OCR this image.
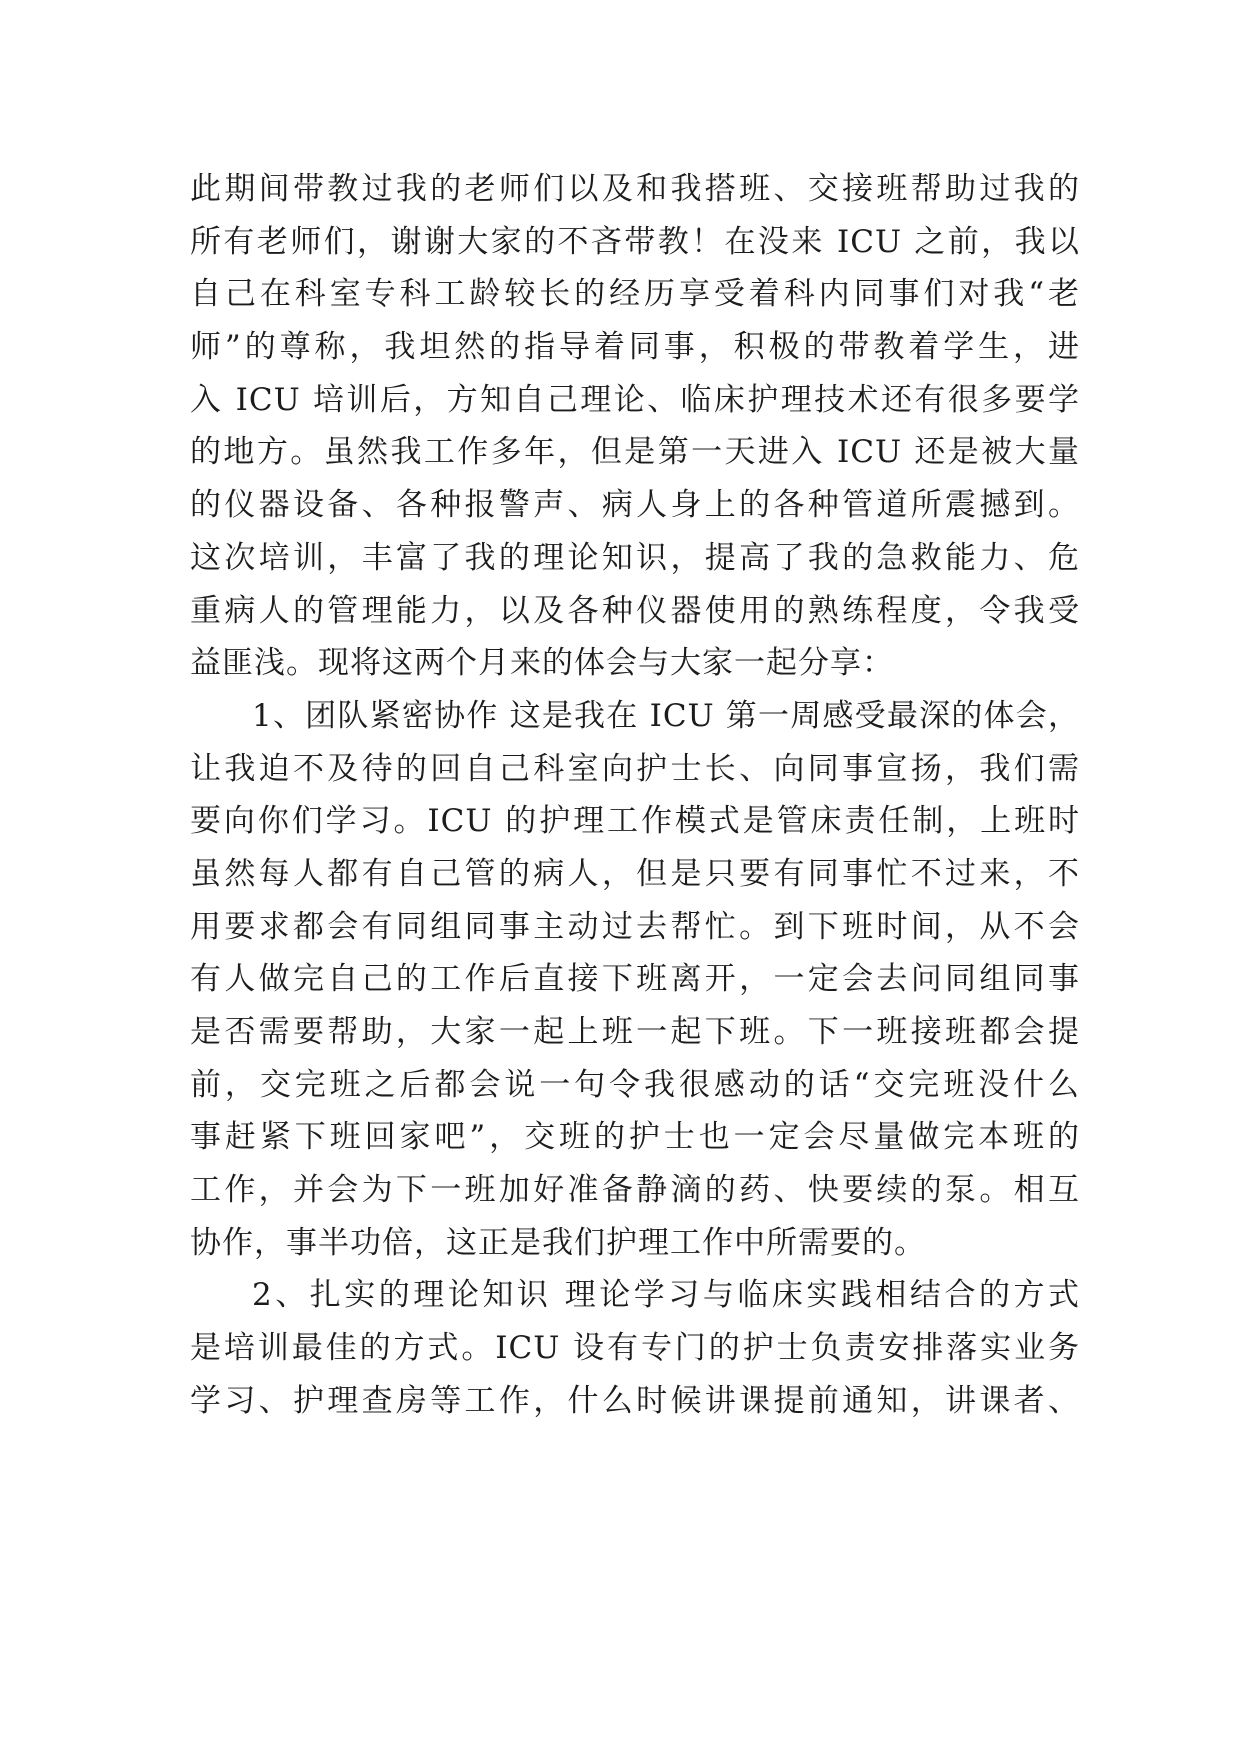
此期间带教过我的老师们以及和我搭班、交接班帮助过我的
所有老师们，谢谢大家的不吝带教！在没来 ICU 之前，我以
自己在科室专科工龄较长的经历享受着科内同事们对我“老
师”的尊称，我坦然的指导着同事，积极的带教着学生，进
入 ICU 培训后，方知自己理论、临床护理技术还有很多要学
的地方。虽然我工作多年，但是第一天进入 ICU 还是被大量
的仪器设备、各种报警声、病人身上的各种管道所震撼到。
这次培训，丰富了我的理论知识，提高了我的急救能力、危
重病人的管理能力，以及各种仪器使用的熟练程度，令我受
益匪浅。现将这两个月来的体会与大家一起分享：
1、团队紧密协作 这是我在 ICU 第一周感受最深的体会，
让我迫不及待的回自己科室向护士长、向同事宣扬，我们需
要向你们学习。ICU 的护理工作模式是管床责任制，上班时
虽然每人都有自己管的病人，但是只要有同事忙不过来，不
用要求都会有同组同事主动过去帮忙。到下班时间，从不会
有人做完自己的工作后直接下班离开，一定会去问同组同事
是否需要帮助，大家一起上班一起下班。下一班接班都会提
前，交完班之后都会说一句令我很感动的话“交完班没什么
事赶紧下班回家吧”，交班的护士也一定会尽量做完本班的
工作，并会为下一班加好准备静滴的药、快要续的泵。相互
协作，事半功倍，这正是我们护理工作中所需要的。
2、扎实的理论知识 理论学习与临床实践相结合的方式
是培训最佳的方式。ICU 设有专门的护士负责安排落实业务
学习、护理查房等工作，什么时候讲课提前通知，讲课者、
